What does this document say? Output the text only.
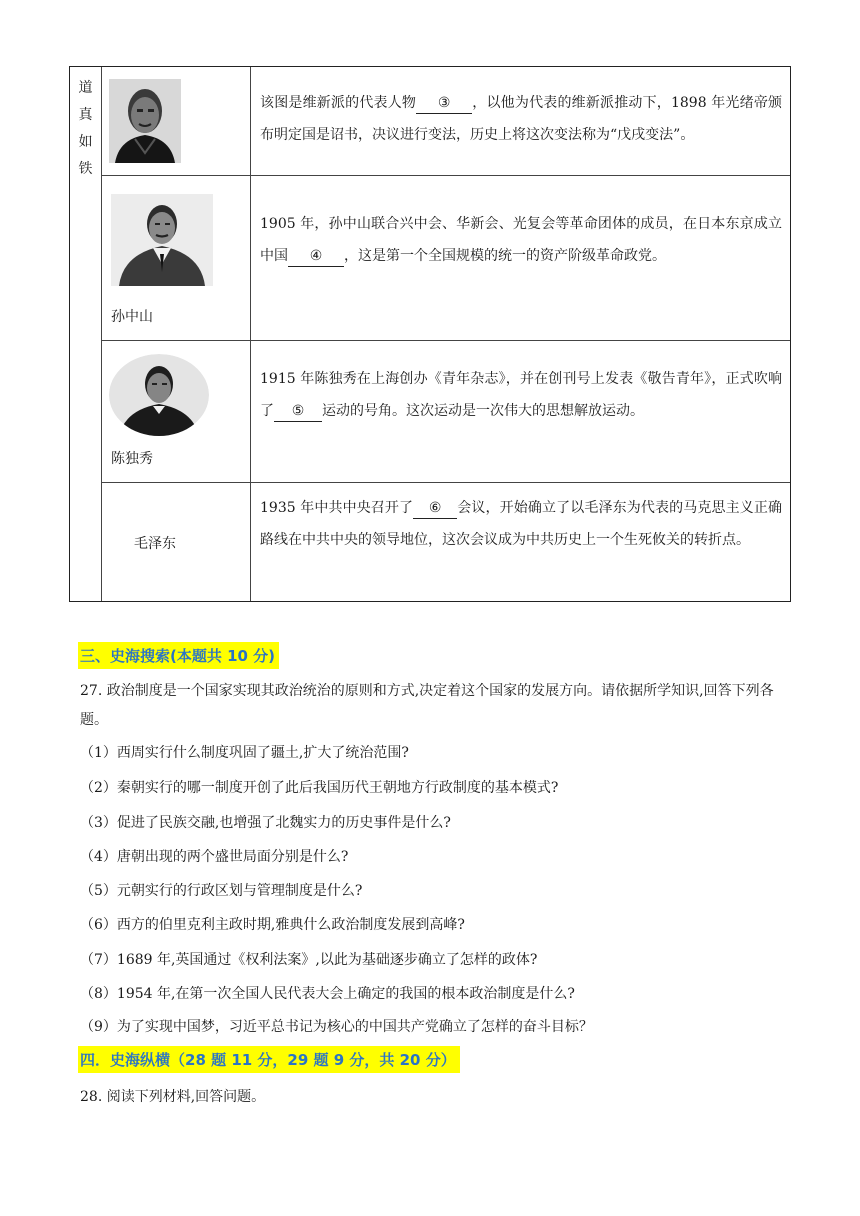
道
真
如
铁
该图是维新派的代表人物 ③ ，以他为代表的维新派推动下，1898 年光绪帝颁布明定国是诏书，决议进行变法，历史上将这次变法称为“戊戌变法”。
孙中山
1905 年，孙中山联合兴中会、华新会、光复会等革命团体的成员，在日本东京成立中国 ④ ，这是第一个全国规模的统一的资产阶级革命政党。
陈独秀
1915 年陈独秀在上海创办《青年杂志》，并在创刊号上发表《敬告青年》，正式吹响了 ⑤ 运动的号角。这次运动是一次伟大的思想解放运动。
毛泽东
1935 年中共中央召开了 ⑥ 会议，开始确立了以毛泽东为代表的马克思主义正确路线在中共中央的领导地位，这次会议成为中共历史上一个生死攸关的转折点。
三、史海搜索(本题共 10 分)
27. 政治制度是一个国家实现其政治统治的原则和方式,决定着这个国家的发展方向。请依据所学知识,回答下列各题。
（1）西周实行什么制度巩固了疆土,扩大了统治范围?
（2）秦朝实行的哪一制度开创了此后我国历代王朝地方行政制度的基本模式?
（3）促进了民族交融,也增强了北魏实力的历史事件是什么?
（4）唐朝出现的两个盛世局面分别是什么?
（5）元朝实行的行政区划与管理制度是什么?
（6）西方的伯里克利主政时期,雅典什么政治制度发展到高峰?
（7）1689 年,英国通过《权利法案》,以此为基础逐步确立了怎样的政体?
（8）1954 年,在第一次全国人民代表大会上确定的我国的根本政治制度是什么?
（9）为了实现中国梦，习近平总书记为核心的中国共产党确立了怎样的奋斗目标？
四．史海纵横（28 题 11 分，29 题 9 分，共 20 分）
28. 阅读下列材料,回答问题。
